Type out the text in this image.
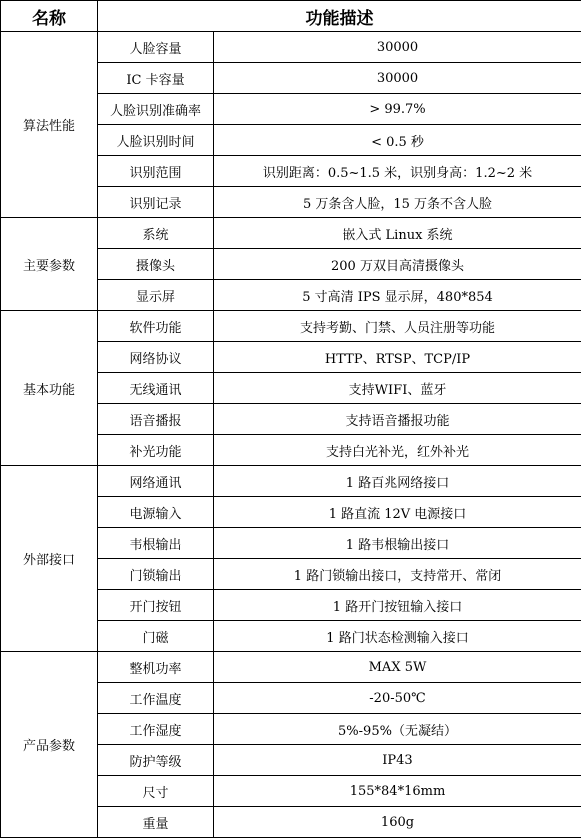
名称	功能描述	
算法性能	人脸容量	30000
	IC 卡容量	30000
	人脸识别准确率	> 99.7%
	人脸识别时间	< 0.5 秒
	识别范围	识别距离：0.5~1.5 米，识别身高：1.2~2 米
	识别记录	5 万条含人脸，15 万条不含人脸
主要参数	系统	嵌入式 Linux 系统
	摄像头	200 万双目高清摄像头
	显示屏	5 寸高清 IPS 显示屏，480*854
基本功能	软件功能	支持考勤、门禁、人员注册等功能
	网络协议	HTTP、RTSP、TCP/IP
	无线通讯	支持WIFI、蓝牙
	语音播报	支持语音播报功能
	补光功能	支持白光补光，红外补光
外部接口	网络通讯	1 路百兆网络接口
	电源输入	1 路直流 12V 电源接口
	韦根输出	1 路韦根输出接口
	门锁输出	1 路门锁输出接口，支持常开、常闭
	开门按钮	1 路开门按钮输入接口
	门磁	1 路门状态检测输入接口
产品参数	整机功率	MAX 5W
	工作温度	-20-50℃
	工作湿度	5%-95%（无凝结）
	防护等级	IP43
	尺寸	155*84*16mm
	重量	160g
